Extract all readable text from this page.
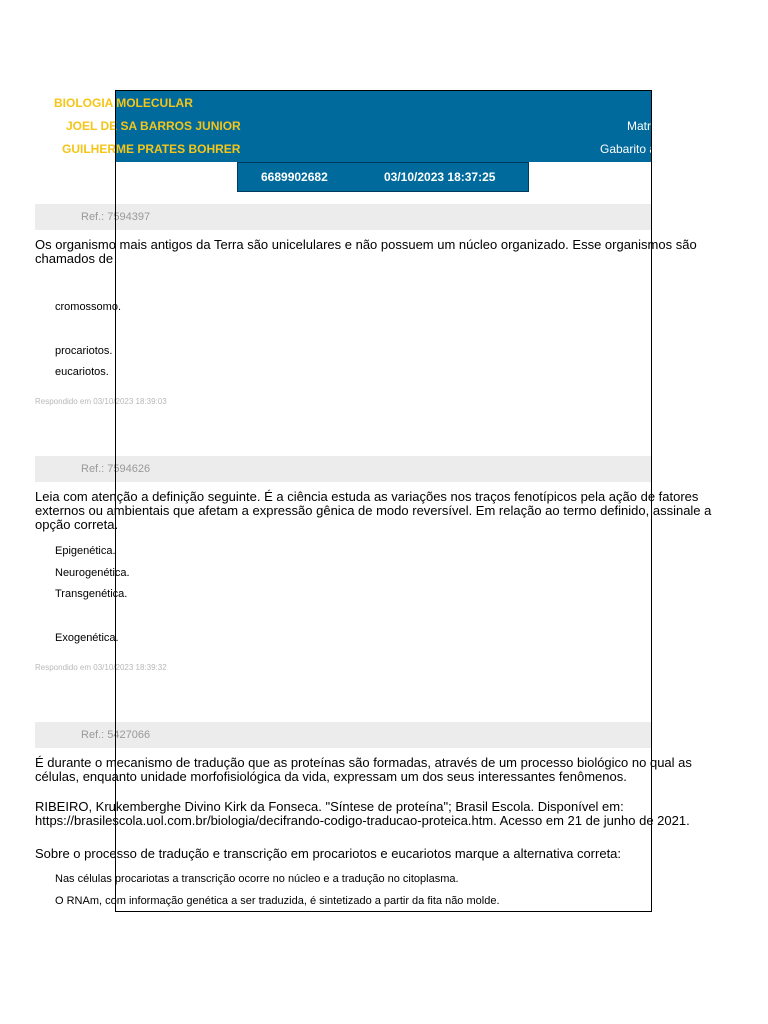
BIOLOGIA MOLECULAR
JOEL DE SA BARROS JUNIOR
GUILHERME PRATES BOHRER
Matr.
Gabarito a
6689902682	03/10/2023 18:37:25
Ref.: 7594397
Os organismo mais antigos da Terra são unicelulares e não possuem um núcleo organizado. Esse organismos são chamados de
cromossomo.
procariotos.
eucariotos.
Respondido em 03/10/2023 18:39:03
Ref.: 7594626
Leia com atenção a definição seguinte. É a ciência estuda as variações nos traços fenotípicos pela ação de fatores externos ou ambientais que afetam a expressão gênica de modo reversível. Em relação ao termo definido, assinale a opção correta.
Epigenética.
Neurogenética.
Transgenética.
Exogenética.
Respondido em 03/10/2023 18:39:32
Ref.: 5427066
É durante o mecanismo de tradução que as proteínas são formadas, através de um processo biológico no qual as células, enquanto unidade morfofisiológica da vida, expressam um dos seus interessantes fenômenos.
RIBEIRO, Krukemberghe Divino Kirk da Fonseca. "Síntese de proteína"; Brasil Escola. Disponível em: https://brasilescola.uol.com.br/biologia/decifrando-codigo-traducao-proteica.htm. Acesso em 21 de junho de 2021.
Sobre o processo de tradução e transcrição em procariotos e eucariotos marque a alternativa correta:
Nas células procariotas a transcrição ocorre no núcleo e a tradução no citoplasma.
O RNAm, com informação genética a ser traduzida, é sintetizado a partir da fita não molde.
